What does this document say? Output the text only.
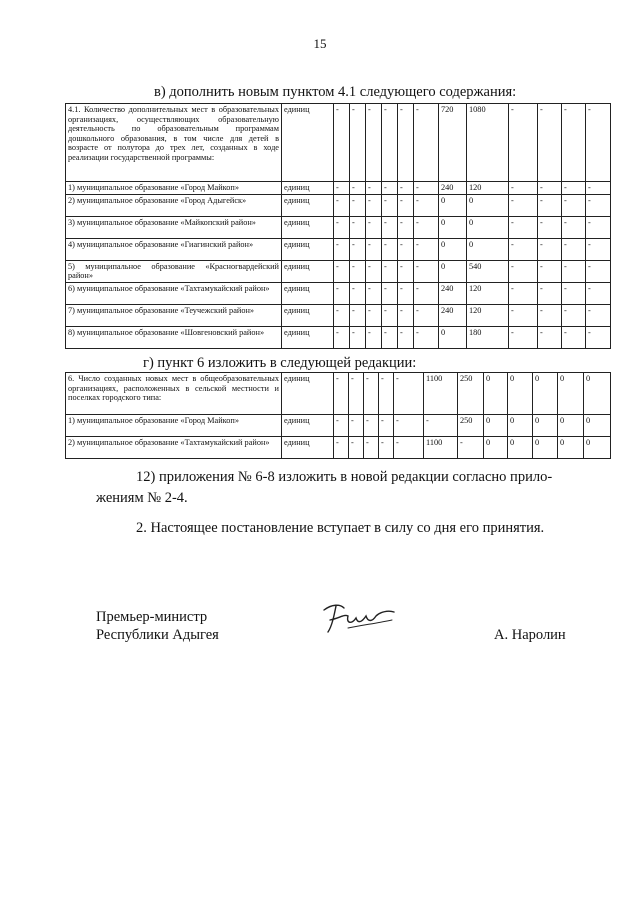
15
в) дополнить новым пунктом 4.1 следующего содержания:
4.1. Количество дополнительных мест в образовательных организациях, осуществляющих образовательную деятельность по образовательным программам дошкольного образования, в том числе для детей в возрасте от полутора до трех лет, созданных в ходе реализации государственной программы:	единиц	-	-	-	-	-	-	720	1080	-	-	-	-
1) муниципальное образование «Город Майкоп»	единиц	-	-	-	-	-	-	240	120	-	-	-	-
2) муниципальное образование «Город Адыгейск»	единиц	-	-	-	-	-	-	0	0	-	-	-	-
3) муниципальное образование «Майкопский район»	единиц	-	-	-	-	-	-	0	0	-	-	-	-
4) муниципальное образование «Гиагинский район»	единиц	-	-	-	-	-	-	0	0	-	-	-	-
5) муниципальное образование «Красногвардейский район»	единиц	-	-	-	-	-	-	0	540	-	-	-	-
6) муниципальное образование «Тахтамукайский район»	единиц	-	-	-	-	-	-	240	120	-	-	-	-
7) муниципальное образование «Теучежский район»	единиц	-	-	-	-	-	-	240	120	-	-	-	-
8) муниципальное образование «Шовгеновский район»	единиц	-	-	-	-	-	-	0	180	-	-	-	-
г) пункт 6 изложить в следующей редакции:
6. Число созданных новых мест в общеобразовательных организациях, расположенных в сельской местности и поселках городского типа:	единиц	-	-	-	-	-	1100	250	0	0	0	0	0
1) муниципальное образование «Город Майкоп»	единиц	-	-	-	-	-	-	250	0	0	0	0	0
2) муниципальное образование «Тахтамукайский район»	единиц	-	-	-	-	-	1100	-	0	0	0	0	0
12) приложения № 6-8 изложить в новой редакции согласно прило-
жениям № 2-4.
2. Настоящее постановление вступает в силу со дня его принятия.
Премьер-министр
Республики Адыгея	А. Наролин
